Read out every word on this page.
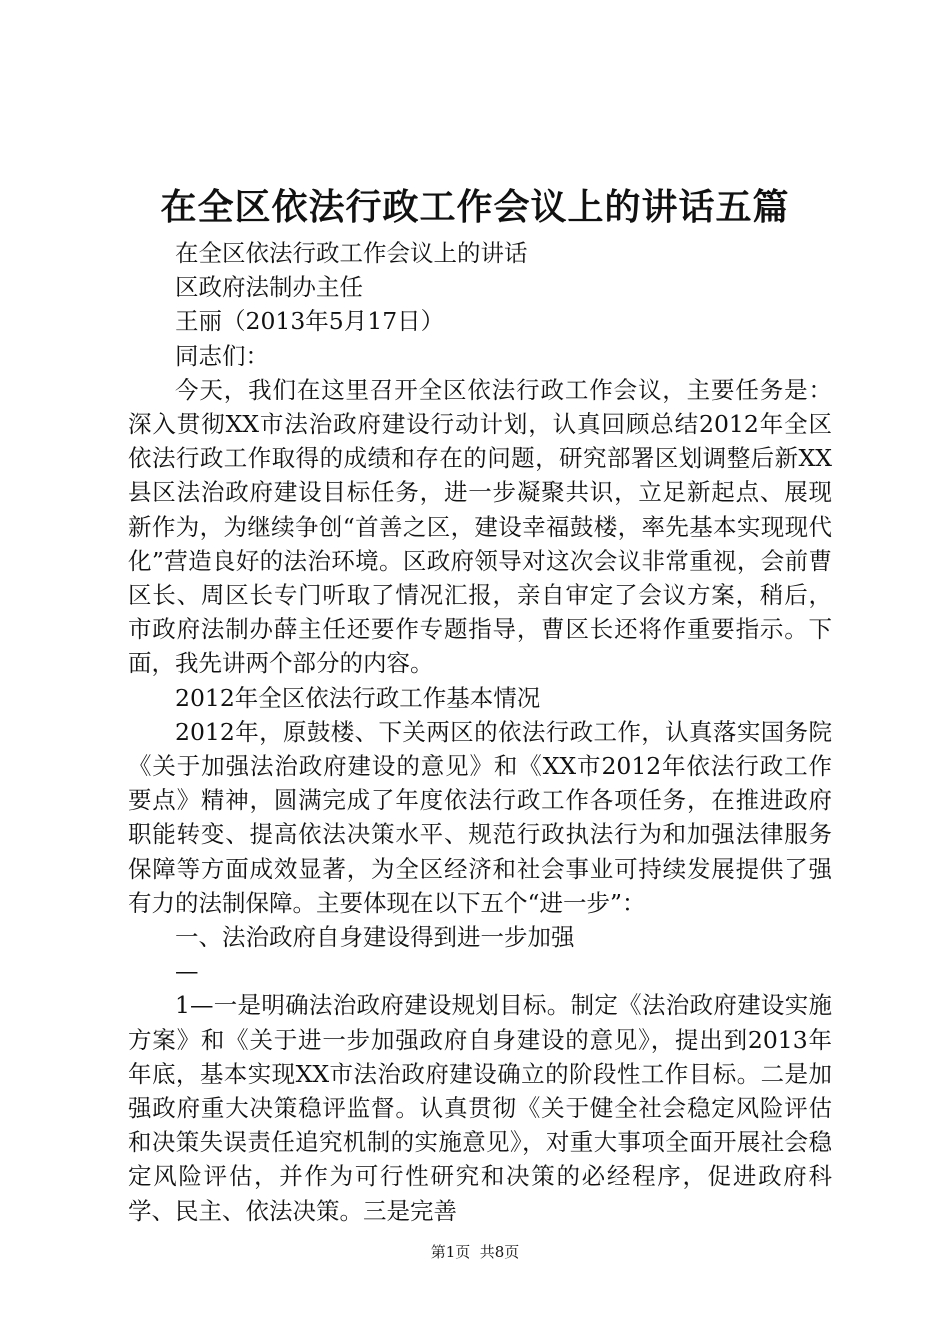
在全区依法行政工作会议上的讲话五篇

在全区依法行政工作会议上的讲话

区政府法制办主任

王丽（2013年5月17日）

同志们：

今天，我们在这里召开全区依法行政工作会议，主要任务是：深入贯彻XX市法治政府建设行动计划，认真回顾总结2012年全区依法行政工作取得的成绩和存在的问题，研究部署区划调整后新XX县区法治政府建设目标任务，进一步凝聚共识，立足新起点、展现新作为，为继续争创“首善之区，建设幸福鼓楼，率先基本实现现代化”营造良好的法治环境。区政府领导对这次会议非常重视，会前曹区长、周区长专门听取了情况汇报，亲自审定了会议方案，稍后，市政府法制办薛主任还要作专题指导，曹区长还将作重要指示。下面，我先讲两个部分的内容。

2012年全区依法行政工作基本情况

2012年，原鼓楼、下关两区的依法行政工作，认真落实国务院《关于加强法治政府建设的意见》和《XX市2012年依法行政工作要点》精神，圆满完成了年度依法行政工作各项任务，在推进政府职能转变、提高依法决策水平、规范行政执法行为和加强法律服务保障等方面成效显著，为全区经济和社会事业可持续发展提供了强有力的法制保障。主要体现在以下五个“进一步”：

一、法治政府自身建设得到进一步加强

—

1—一是明确法治政府建设规划目标。制定《法治政府建设实施方案》和《关于进一步加强政府自身建设的意见》，提出到2013年年底，基本实现XX市法治政府建设确立的阶段性工作目标。二是加强政府重大决策稳评监督。认真贯彻《关于健全社会稳定风险评估和决策失误责任追究机制的实施意见》，对重大事项全面开展社会稳定风险评估，并作为可行性研究和决策的必经程序，促进政府科学、民主、依法决策。三是完善

第1页  共8页
